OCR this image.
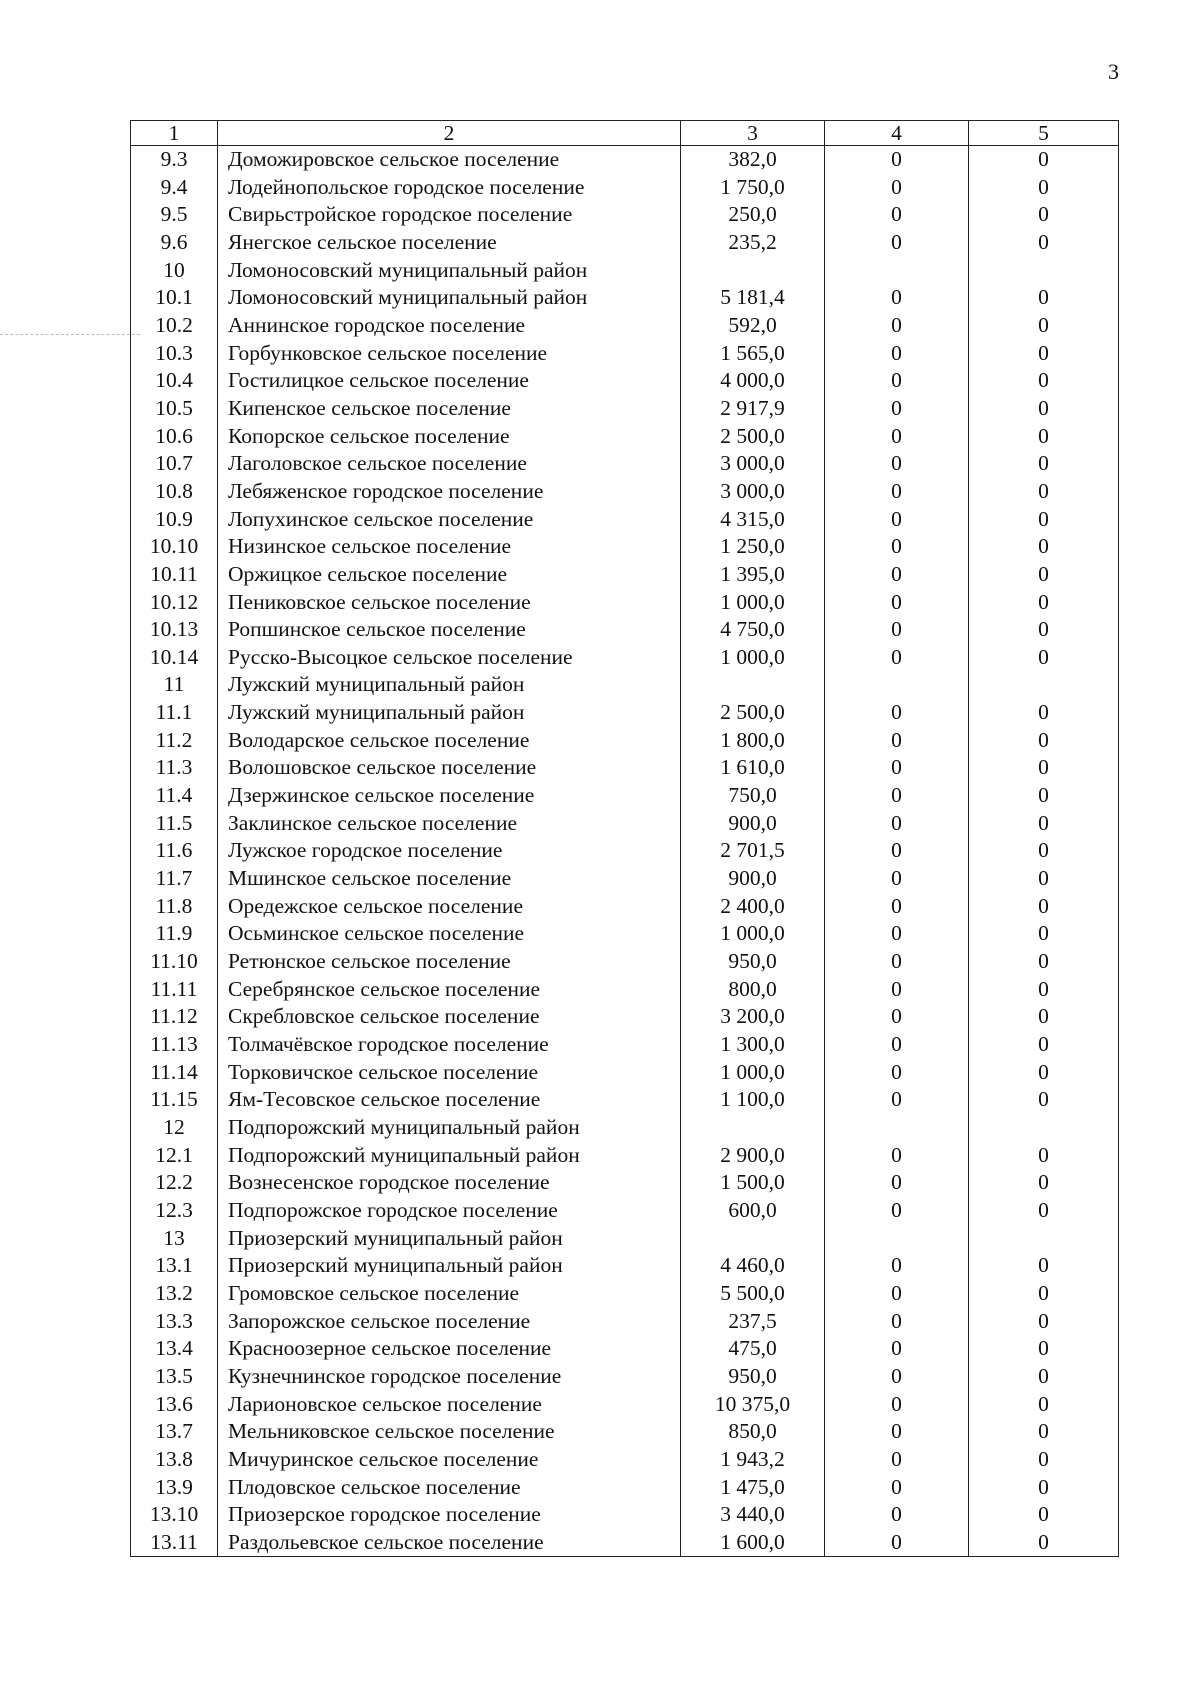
3
1	2	3	4	5
9.3	Доможировское сельское поселение	382,0	0	0
9.4	Лодейнопольское городское поселение	1 750,0	0	0
9.5	Свирьстройское городское поселение	250,0	0	0
9.6	Янегское сельское поселение	235,2	0	0
10	Ломоносовский муниципальный район			
10.1	Ломоносовский муниципальный район	5 181,4	0	0
10.2	Аннинское городское поселение	592,0	0	0
10.3	Горбунковское сельское поселение	1 565,0	0	0
10.4	Гостилицкое сельское поселение	4 000,0	0	0
10.5	Кипенское сельское поселение	2 917,9	0	0
10.6	Копорское сельское поселение	2 500,0	0	0
10.7	Лаголовское сельское поселение	3 000,0	0	0
10.8	Лебяженское городское поселение	3 000,0	0	0
10.9	Лопухинское сельское поселение	4 315,0	0	0
10.10	Низинское сельское поселение	1 250,0	0	0
10.11	Оржицкое сельское поселение	1 395,0	0	0
10.12	Пениковское сельское поселение	1 000,0	0	0
10.13	Ропшинское сельское поселение	4 750,0	0	0
10.14	Русско-Высоцкое сельское поселение	1 000,0	0	0
11	Лужский муниципальный район			
11.1	Лужский муниципальный район	2 500,0	0	0
11.2	Володарское сельское поселение	1 800,0	0	0
11.3	Волошовское сельское поселение	1 610,0	0	0
11.4	Дзержинское сельское поселение	750,0	0	0
11.5	Заклинское сельское поселение	900,0	0	0
11.6	Лужское городское поселение	2 701,5	0	0
11.7	Мшинское сельское поселение	900,0	0	0
11.8	Оредежское сельское поселение	2 400,0	0	0
11.9	Осьминское сельское поселение	1 000,0	0	0
11.10	Ретюнское сельское поселение	950,0	0	0
11.11	Серебрянское сельское поселение	800,0	0	0
11.12	Скребловское сельское поселение	3 200,0	0	0
11.13	Толмачёвское городское поселение	1 300,0	0	0
11.14	Торковичское сельское поселение	1 000,0	0	0
11.15	Ям-Тесовское сельское поселение	1 100,0	0	0
12	Подпорожский муниципальный район			
12.1	Подпорожский муниципальный район	2 900,0	0	0
12.2	Вознесенское городское поселение	1 500,0	0	0
12.3	Подпорожское городское поселение	600,0	0	0
13	Приозерский муниципальный район			
13.1	Приозерский муниципальный район	4 460,0	0	0
13.2	Громовское сельское поселение	5 500,0	0	0
13.3	Запорожское сельское поселение	237,5	0	0
13.4	Красноозерное сельское поселение	475,0	0	0
13.5	Кузнечнинское городское поселение	950,0	0	0
13.6	Ларионовское сельское поселение	10 375,0	0	0
13.7	Мельниковское сельское поселение	850,0	0	0
13.8	Мичуринское сельское поселение	1 943,2	0	0
13.9	Плодовское сельское поселение	1 475,0	0	0
13.10	Приозерское городское поселение	3 440,0	0	0
13.11	Раздольевское сельское поселение	1 600,0	0	0
